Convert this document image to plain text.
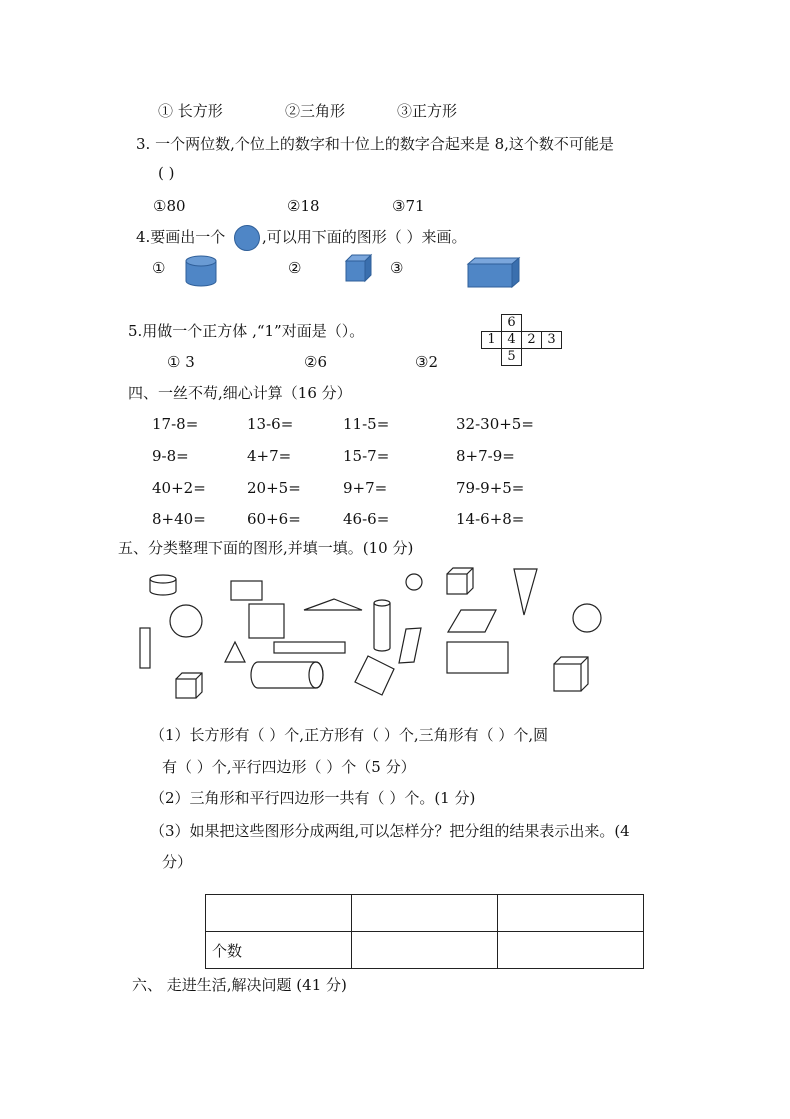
① 长方形	②三角形	③正方形
3. 一个两位数,个位上的数字和十位上的数字合起来是 8,这个数不可能是
( )
①80	②18	③71
4.要画出一个 ,可以用下面的图形（ ）来画。
①	②	③
5.用做一个正方体 ,“1”对面是（）。
① 3	②6	③2
6
1 4 2 3
5
四、一丝不苟,细心计算（16 分）
17-8=	13-6=	11-5=	32-30+5=
9-8=	4+7=	15-7=	8+7-9=
40+2=	20+5=	9+7=	79-9+5=
8+40=	60+6=	46-6=	14-6+8=
五、分类整理下面的图形,并填一填。(10 分)
（1）长方形有（ ）个,正方形有（ ）个,三角形有（ ）个,圆
有（ ）个,平行四边形（ ）个（5 分）
（2）三角形和平行四边形一共有（ ）个。(1 分)
（3）如果把这些图形分成两组,可以怎样分？把分组的结果表示出来。(4
分）

个数		
六、 走进生活,解决问题 (41 分)
